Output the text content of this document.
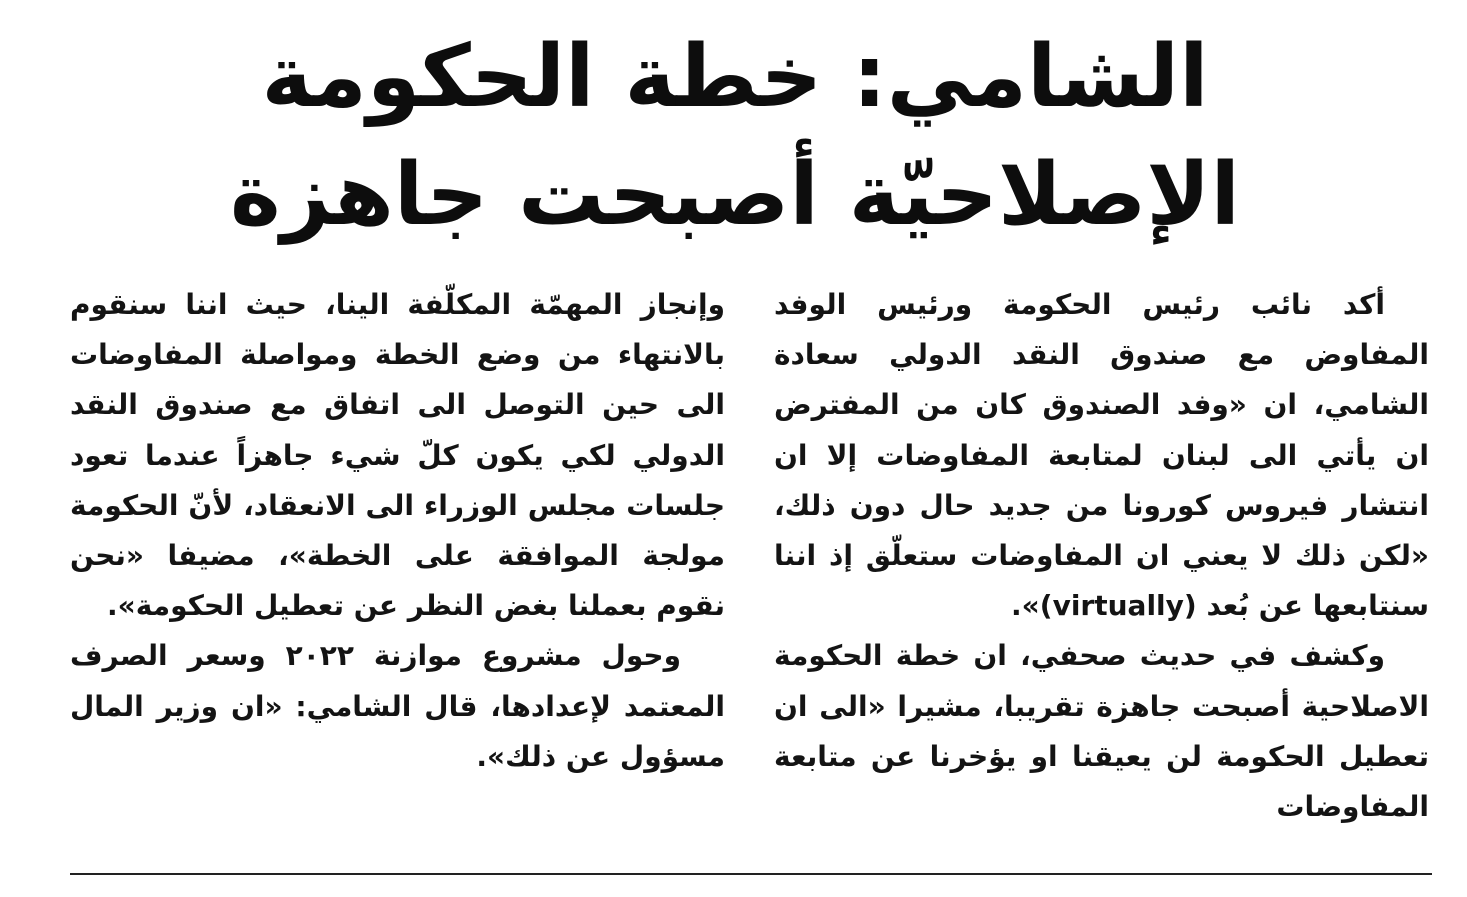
الشامي: خطة الحكومة
الإصلاحيّة أصبحت جاهزة

أكد نائب رئيس الحكومة ورئيس الوفد المفاوض مع صندوق النقد الدولي سعادة الشامي، ان «وفد الصندوق كان من المفترض ان يأتي الى لبنان لمتابعة المفاوضات إلا ان انتشار فيروس كورونا من جديد حال دون ذلك، «لكن ذلك لا يعني ان المفاوضات ستعلّق إذ اننا سنتابعها عن بُعد (virtually)».

وكشف في حديث صحفي، ان خطة الحكومة الاصلاحية أصبحت جاهزة تقريبا، مشيرا «الى ان تعطيل الحكومة لن يعيقنا او يؤخرنا عن متابعة المفاوضات

وإنجاز المهمّة المكلّفة الينا، حيث اننا سنقوم بالانتهاء من وضع الخطة ومواصلة المفاوضات الى حين التوصل الى اتفاق مع صندوق النقد الدولي لكي يكون كلّ شيء جاهزاً عندما تعود جلسات مجلس الوزراء الى الانعقاد، لأنّ الحكومة مولجة الموافقة على الخطة»، مضيفا «نحن نقوم بعملنا بغض النظر عن تعطيل الحكومة».

وحول مشروع موازنة ٢٠٢٢ وسعر الصرف المعتمد لإعدادها، قال الشامي: «ان وزير المال مسؤول عن ذلك».
